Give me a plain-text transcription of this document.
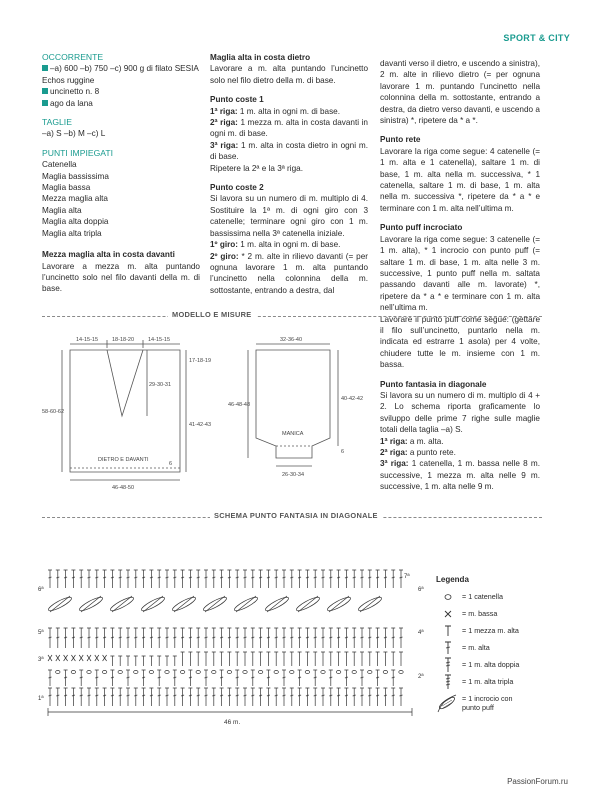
SPORT & CITY
OCCORRENTE

–a) 600 –b) 750 –c) 900 g di filato SESIA Echos ruggine

uncinetto n. 8

ago da lana

TAGLIE

–a) S –b) M –c) L

PUNTI IMPIEGATI

Catenella

Maglia bassissima

Maglia bassa

Mezza maglia alta

Maglia alta

Maglia alta doppia

Maglia alta tripla

Mezza maglia alta in costa davanti

Lavorare a mezza m. alta puntando l’uncinetto solo nel filo davanti della m. di base.

Maglia alta in costa dietro

Lavorare a m. alta puntando l’uncinetto solo nel filo dietro della m. di base.

Punto coste 1

1ª riga: 1 m. alta in ogni m. di base.

2ª riga: 1 mezza m. alta in costa davanti in ogni m. di base.

3ª riga: 1 m. alta in costa dietro in ogni m. di base.

Ripetere la 2ª e la 3ª riga.

Punto coste 2

Si lavora su un numero di m. multiplo di 4. Sostituire la 1ª m. di ogni giro con 3 catenelle; terminare ogni giro con 1 m. bassissima nella 3ª catenella iniziale.

1º giro: 1 m. alta in ogni m. di base.

2º giro: * 2 m. alte in rilievo davanti (= per ognuna lavorare 1 m. alta puntando l’uncinetto nella colonnina della m. sottostante, entrando a destra, dal

davanti verso il dietro, e uscendo a sinistra), 2 m. alte in rilievo dietro (= per ognuna lavorare 1 m. puntando l’uncinetto nella colonnina della m. sottostante, entrando a destra, da dietro verso davanti, e uscendo a sinistra) *, ripetere da * a *.

Punto rete

Lavorare la riga come segue: 4 catenelle (= 1 m. alta e 1 catenella), saltare 1 m. di base, 1 m. alta nella m. successiva, * 1 catenella, saltare 1 m. di base, 1 m. alta nella m. successiva *, ripetere da * a * e terminare con 1 m. alta nell’ultima m.

Punto puff incrociato

Lavorare la riga come segue: 3 catenelle (= 1 m. alta), * 1 incrocio con punto puff (= saltare 1 m. di base, 1 m. alta nelle 3 m. successive, 1 punto puff nella m. saltata passando davanti alle m. lavorate) *, ripetere da * a * e terminare con 1 m. alta nell’ultima m.

Lavorare il punto puff come segue: (gettare il filo sull’uncinetto, puntarlo nella m. indicata ed estrarre 1 asola) per 4 volte, chiudere tutte le m. insieme con 1 m. bassa.

Punto fantasia in diagonale

Si lavora su un numero di m. multiplo di 4 + 2. Lo schema riporta graficamente lo sviluppo delle prime 7 righe sulle maglie totali della taglia –a) S.

1ª riga: a m. alta.

2ª riga: a punto rete.

3ª riga: 1 catenella, 1 m. bassa nelle 8 m. successive, 1 mezza m. alta nelle 9 m. successive, 1 m. alta nelle 9 m.

MODELLO E MISURE
14-15-15	18-18-20	14-15-15
29-30-31
17-18-19
58-60-62
41-42-43
6
DIETRO E DAVANTI
46-48-50
32-36-40
46-48-48
40-42-42
MANICA
26-30-34
6
SCHEMA PUNTO FANTASIA IN DIAGONALE
6ª
5ª
3ª
1ª
6ª
4ª
2ª
7ª
46 m.
Legenda
= 1 catenella
= m. bassa
= 1 mezza m. alta
= m. alta
= 1 m. alta doppia
= 1 m. alta tripla
= 1 incrocio con punto puff
PassionForum.ru
